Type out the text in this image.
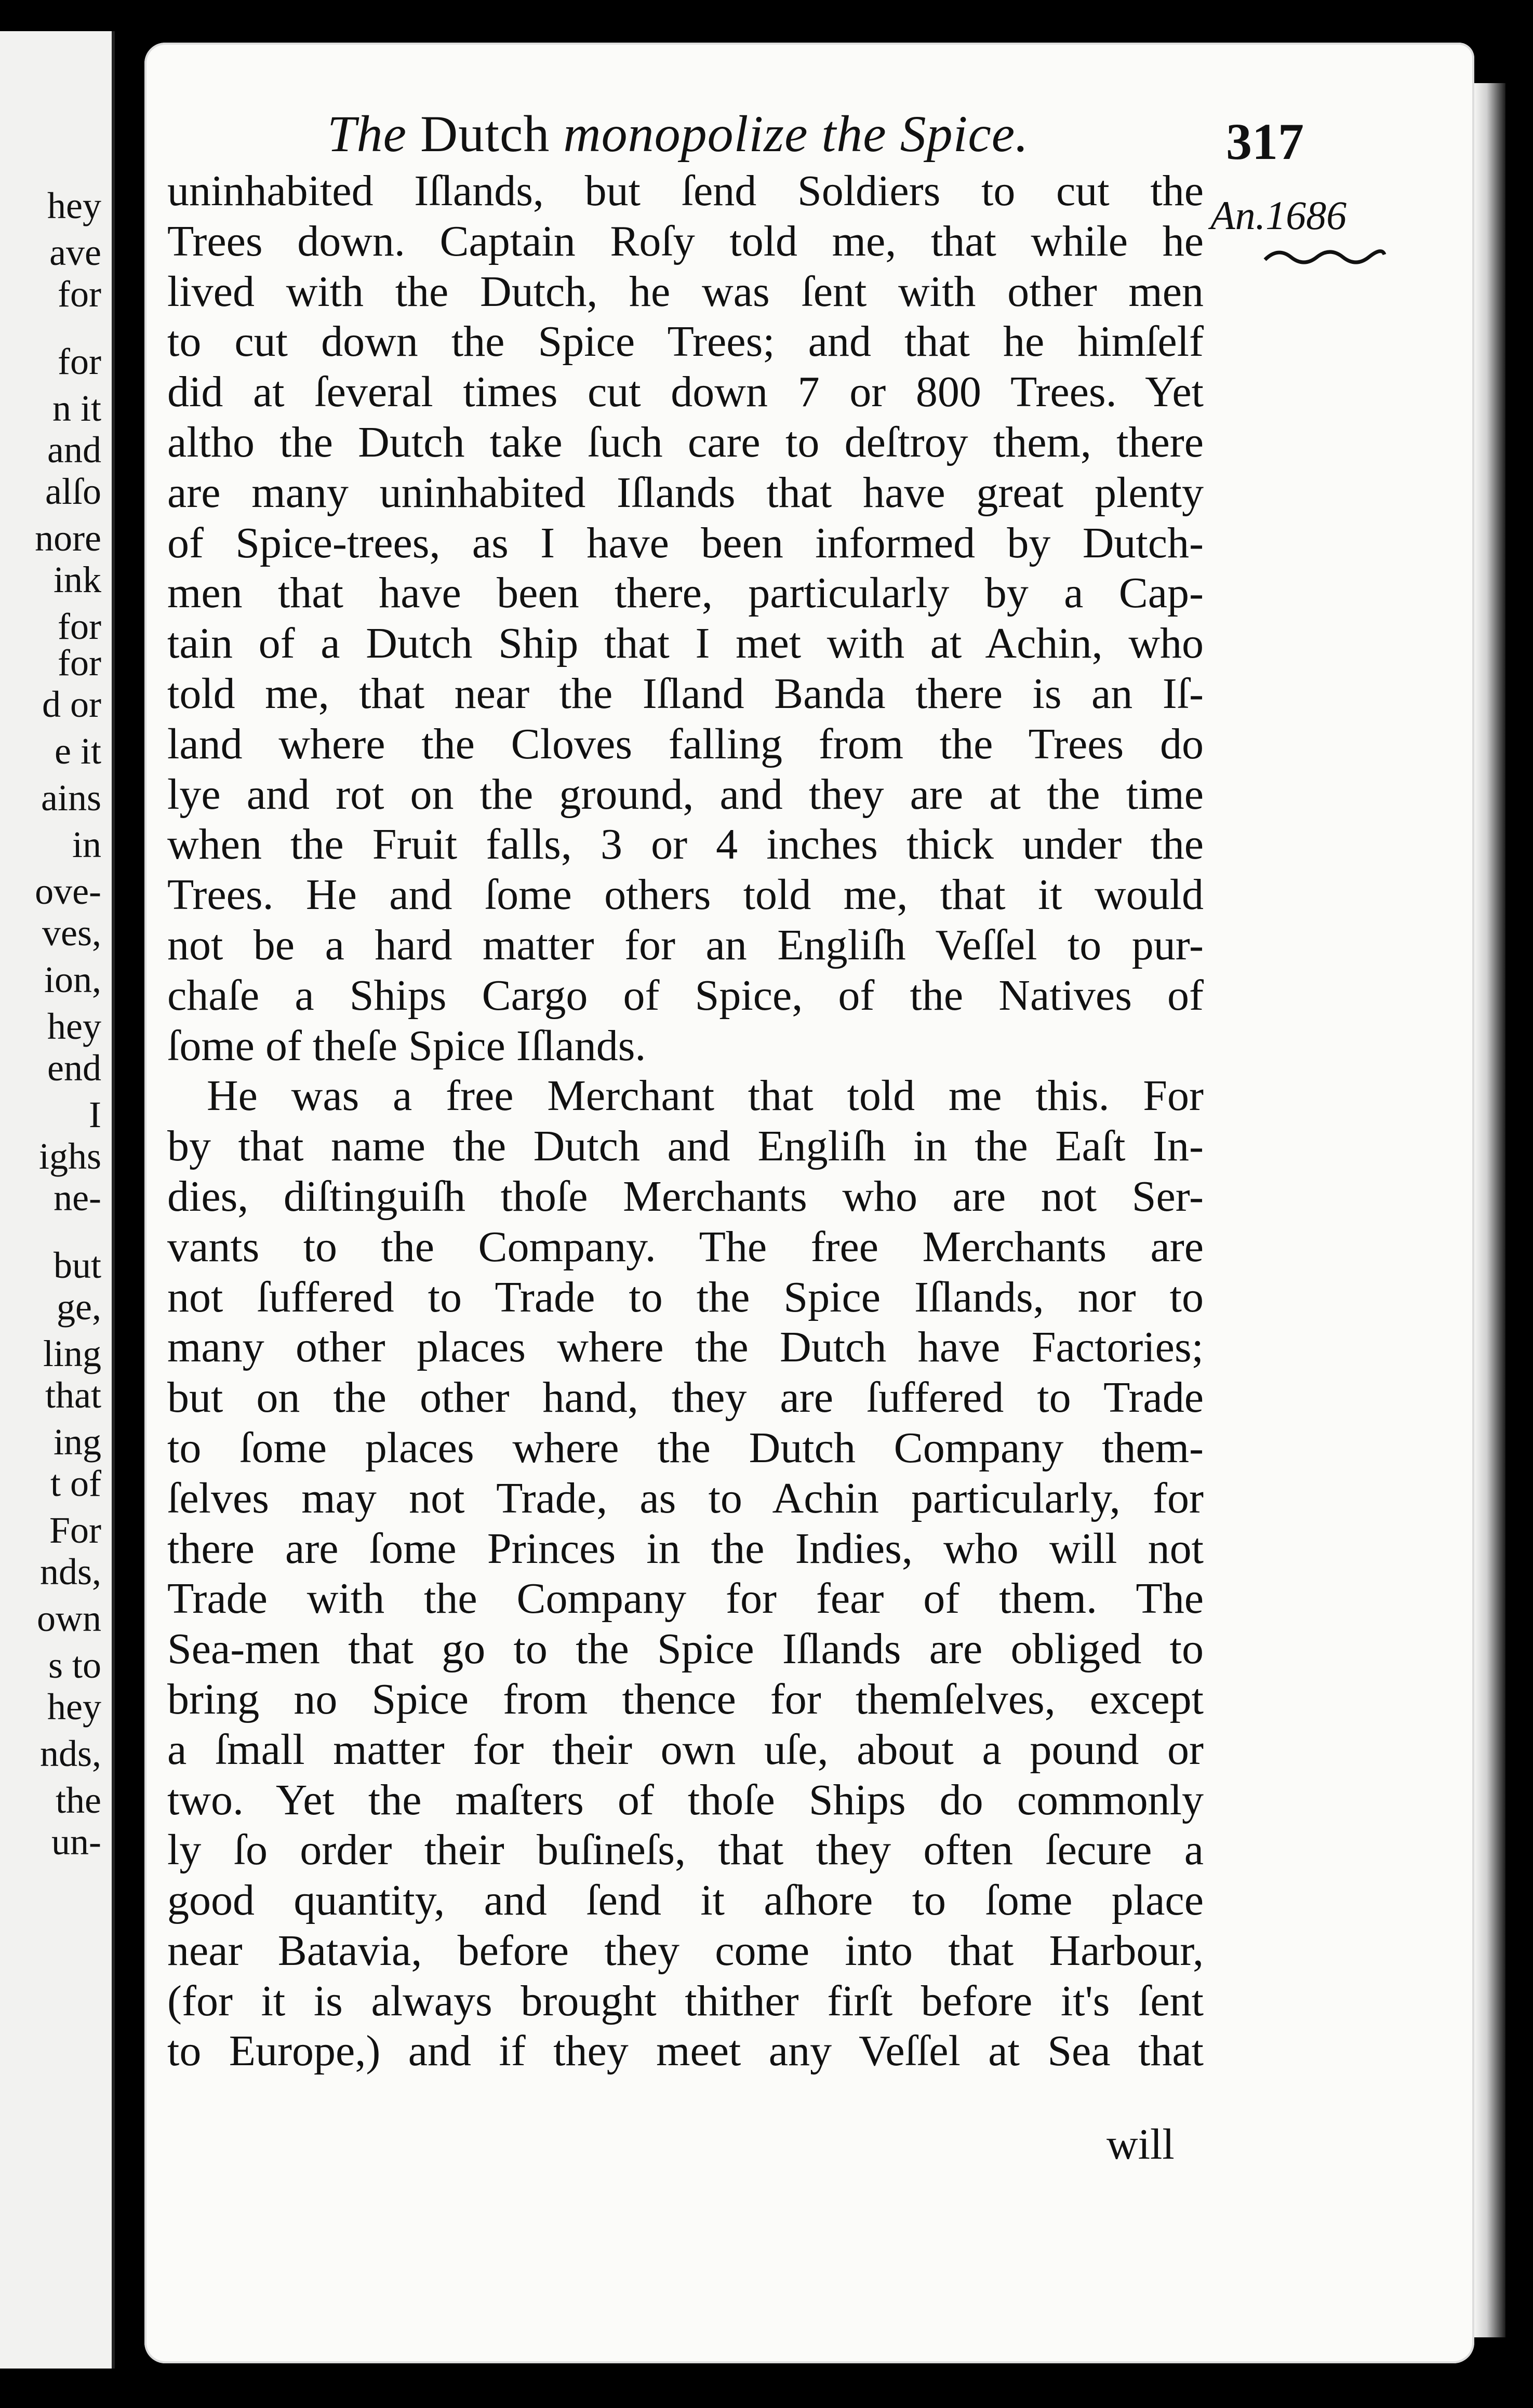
hey
ave
for
for
n it
and
alſo
nore
ink
for
for
d or
e it
ains
in
ove-
ves,
ion,
hey
end
I
ighs
ne-
but
ge,
ling
that
ing
t of
For
nds,
own
s to
hey
nds,
the
un-
The Dutch monopolize the Spice.	317
An.1686
uninhabited Iſlands, but ſend Soldiers to cut the
Trees down. Captain Roſy told me, that while he
lived with the Dutch, he was ſent with other men
to cut down the Spice Trees; and that he himſelf
did at ſeveral times cut down 7 or 800 Trees. Yet
altho the Dutch take ſuch care to deſtroy them, there
are many uninhabited Iſlands that have great plenty
of Spice-trees, as I have been informed by Dutch-
men that have been there, particularly by a Cap-
tain of a Dutch Ship that I met with at Achin, who
told me, that near the Iſland Banda there is an Iſ-
land where the Cloves falling from the Trees do
lye and rot on the ground, and they are at the time
when the Fruit falls, 3 or 4 inches thick under the
Trees. He and ſome others told me, that it would
not be a hard matter for an Engliſh Veſſel to pur-
chaſe a Ships Cargo of Spice, of the Natives of
ſome of theſe Spice Iſlands.
He was a free Merchant that told me this. For
by that name the Dutch and Engliſh in the Eaſt In-
dies, diſtinguiſh thoſe Merchants who are not Ser-
vants to the Company. The free Merchants are
not ſuffered to Trade to the Spice Iſlands, nor to
many other places where the Dutch have Factories;
but on the other hand, they are ſuffered to Trade
to ſome places where the Dutch Company them-
ſelves may not Trade, as to Achin particularly, for
there are ſome Princes in the Indies, who will not
Trade with the Company for fear of them. The
Sea-men that go to the Spice Iſlands are obliged to
bring no Spice from thence for themſelves, except
a ſmall matter for their own uſe, about a pound or
two. Yet the maſters of thoſe Ships do commonly
ly ſo order their buſineſs, that they often ſecure a
good quantity, and ſend it aſhore to ſome place
near Batavia, before they come into that Harbour,
(for it is always brought thither firſt before it's ſent
to Europe,) and if they meet any Veſſel at Sea that
will
